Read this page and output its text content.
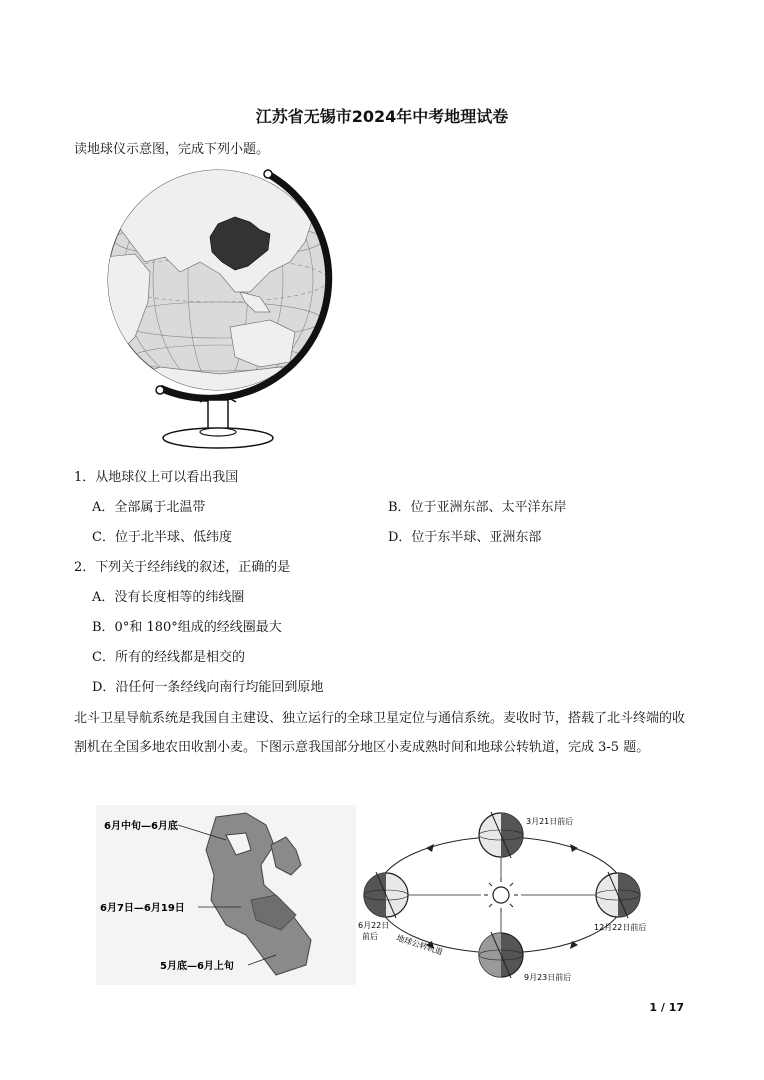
江苏省无锡市2024年中考地理试卷
读地球仪示意图，完成下列小题。
1．从地球仪上可以看出我国
A．全部属于北温带	B．位于亚洲东部、太平洋东岸
C．位于北半球、低纬度	D．位于东半球、亚洲东部
2．下列关于经纬线的叙述，正确的是
A．没有长度相等的纬线圈
B．0°和 180°组成的经线圈最大
C．所有的经线都是相交的
D．沿任何一条经线向南行均能回到原地
北斗卫星导航系统是我国自主建设、独立运行的全球卫星定位与通信系统。麦收时节，搭载了北斗终端的收割机在全国多地农田收割小麦。下图示意我国部分地区小麦成熟时间和地球公转轨道，完成 3-5 题。
6月中旬—6月底
6月7日—6月19日
5月底—6月上旬
3月21日前后
6月22日
前后
12月22日前后
9月23日前后
地球公转轨道
1 / 17
